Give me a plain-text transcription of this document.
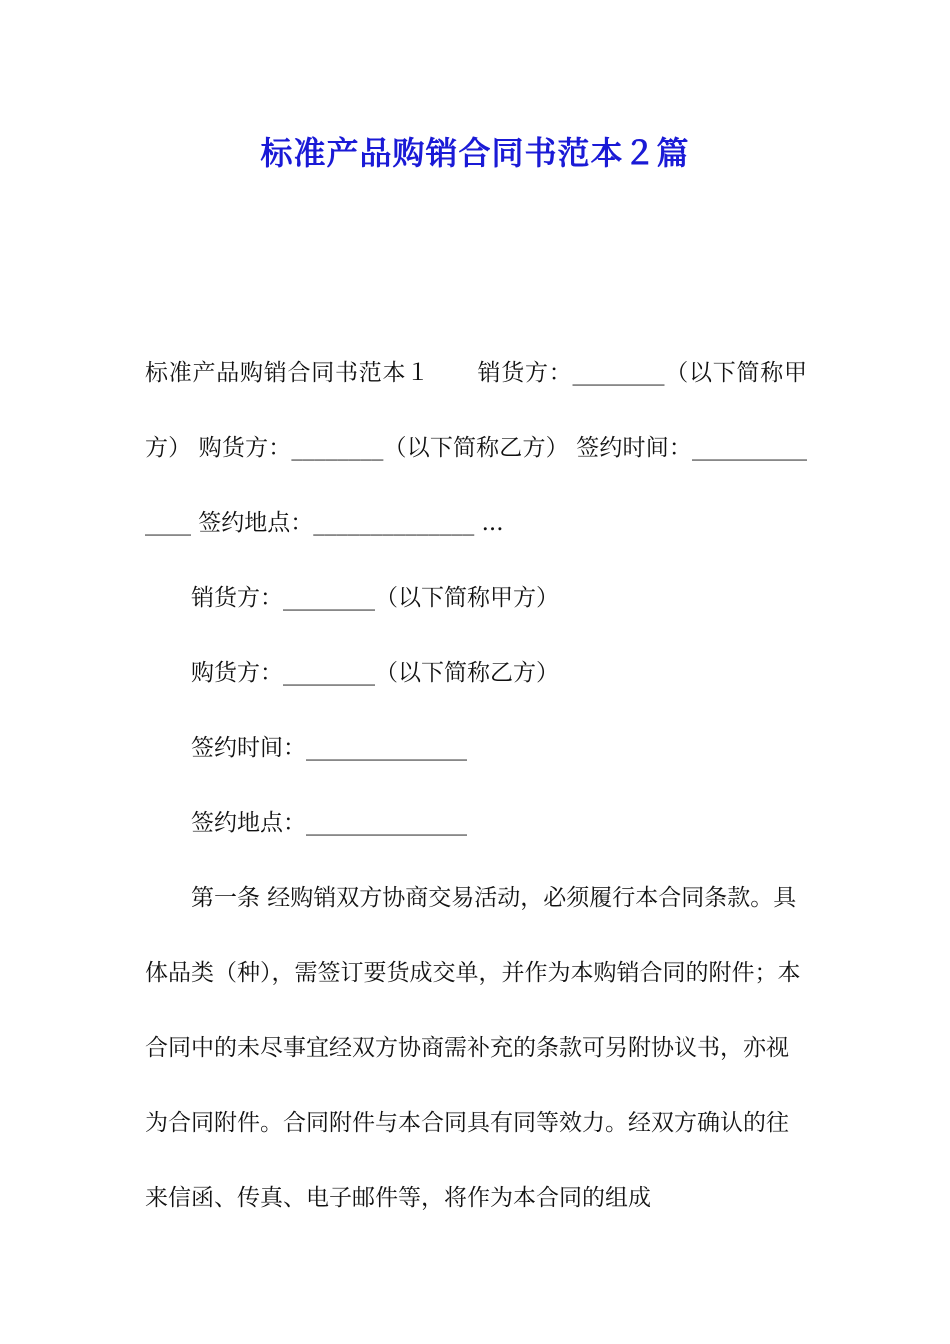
标准产品购销合同书范本２篇

标准产品购销合同书范本１　　销货方：________（以下简称甲方） 购货方：________（以下简称乙方） 签约时间：______________ 签约地点：______________ ...

销货方：________（以下简称甲方）

购货方：________（以下简称乙方）

签约时间：______________

签约地点：______________

第一条 经购销双方协商交易活动，必须履行本合同条款。具体品类（种），需签订要货成交单，并作为本购销合同的附件；本合同中的未尽事宜经双方协商需补充的条款可另附协议书，亦视为合同附件。合同附件与本合同具有同等效力。经双方确认的往来信函、传真、电子邮件等，将作为本合同的组成
